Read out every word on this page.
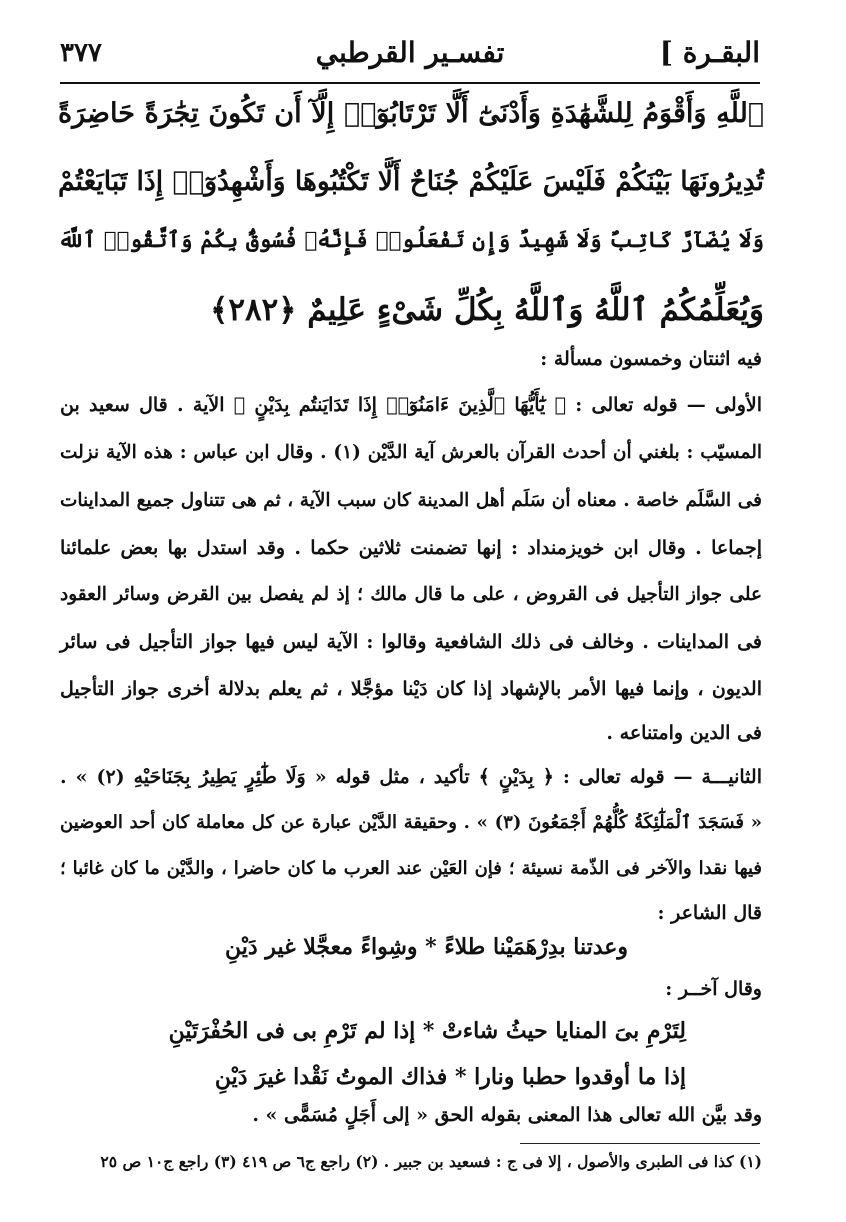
٣٧٧	تفسـير القرطبي	البقـرة ]
ٱللَّهِ وَأَقْوَمُ لِلشَّهَٰدَةِ وَأَدْنَىٰٓ أَلَّا تَرْتَابُوٓا۟ إِلَّآ أَن تَكُونَ تِجَٰرَةً حَاضِرَةً
تُدِيرُونَهَا بَيْنَكُمْ فَلَيْسَ عَلَيْكُمْ جُنَاحٌ أَلَّا تَكْتُبُوهَا وَأَشْهِدُوٓا۟ إِذَا تَبَايَعْتُمْ
وَلَا يُضَآرَّ كَاتِبٌ وَلَا شَهِيدٌ وَإِن تَفْعَلُوا۟ فَإِنَّهُۥ فُسُوقٌۢ بِكُمْ وَٱتَّقُوا۟ ٱللَّهَ
وَيُعَلِّمُكُمُ ٱللَّهُ وَٱللَّهُ بِكُلِّ شَىْءٍ عَلِيمٌ ﴿٢٨٢﴾
فيه اثنتان وخمسون مسألة :
الأولى — قوله تعالى : ﴿ يَٰٓأَيُّهَا ٱلَّذِينَ ءَامَنُوٓا۟ إِذَا تَدَايَنتُم بِدَيْنٍ ﴾ الآية . قال سعيد بن
المسيّب : بلغني أن أحدث القرآن بالعرش آية الدَّيْن (١) . وقال ابن عباس : هذه الآية نزلت
فى السَّلَم خاصة . معناه أن سَلَم أهل المدينة كان سبب الآية ، ثم هى تتناول جميع المداينات
إجماعا . وقال ابن خويزمنداد : إنها تضمنت ثلاثين حكما . وقد استدل بها بعض علمائنا
على جواز التأجيل فى القروض ، على ما قال مالك ؛ إذ لم يفصل بين القرض وسائر العقود
فى المداينات . وخالف فى ذلك الشافعية وقالوا : الآية ليس فيها جواز التأجيل فى سائر
الديون ، وإنما فيها الأمر بالإشهاد إذا كان دَيْنا مؤجَّلا ، ثم يعلم بدلالة أخرى جواز التأجيل
فى الدين وامتناعه .
الثانيـــة — قوله تعالى : ﴿ بِدَيْنٍ ﴾ تأكيد ، مثل قوله « وَلَا طَٰٓئِرٍ يَطِيرُ بِجَنَاحَيْهِ (٢) » .
« فَسَجَدَ ٱلْمَلَٰٓئِكَةُ كُلُّهُمْ أَجْمَعُونَ (٣) » . وحقيقة الدَّيْن عبارة عن كل معاملة كان أحد العوضين
فيها نقدا والآخر فى الذّمة نسيئة ؛ فإن العَيْن عند العرب ما كان حاضرا ، والدَّيْن ما كان غائبا ؛
قال الشاعر :
وعدتنا بدِرْهَمَيْنا طلاءً * وشِواءً معجَّلا غير دَيْنِ
وقال آخــر :
لِتَرْمِ بىَ المنايا حيثُ شاءتْ * إذا لم تَرْمِ بى فى الحُفْرَتَيْنِ
إذا ما أوقدوا حطبا ونارا * فذاك الموتُ نَقْدا غيرَ دَيْنِ
وقد بيَّن الله تعالى هذا المعنى بقوله الحق « إلى أَجَلٍ مُسَمًّى » .
(١) كذا فى الطبرى والأصول ، إلا فى ج : فسعيد بن جبير . (٢) راجع ج٦ ص ٤١٩ (٣) راجع ج١٠ ص ٢٥
